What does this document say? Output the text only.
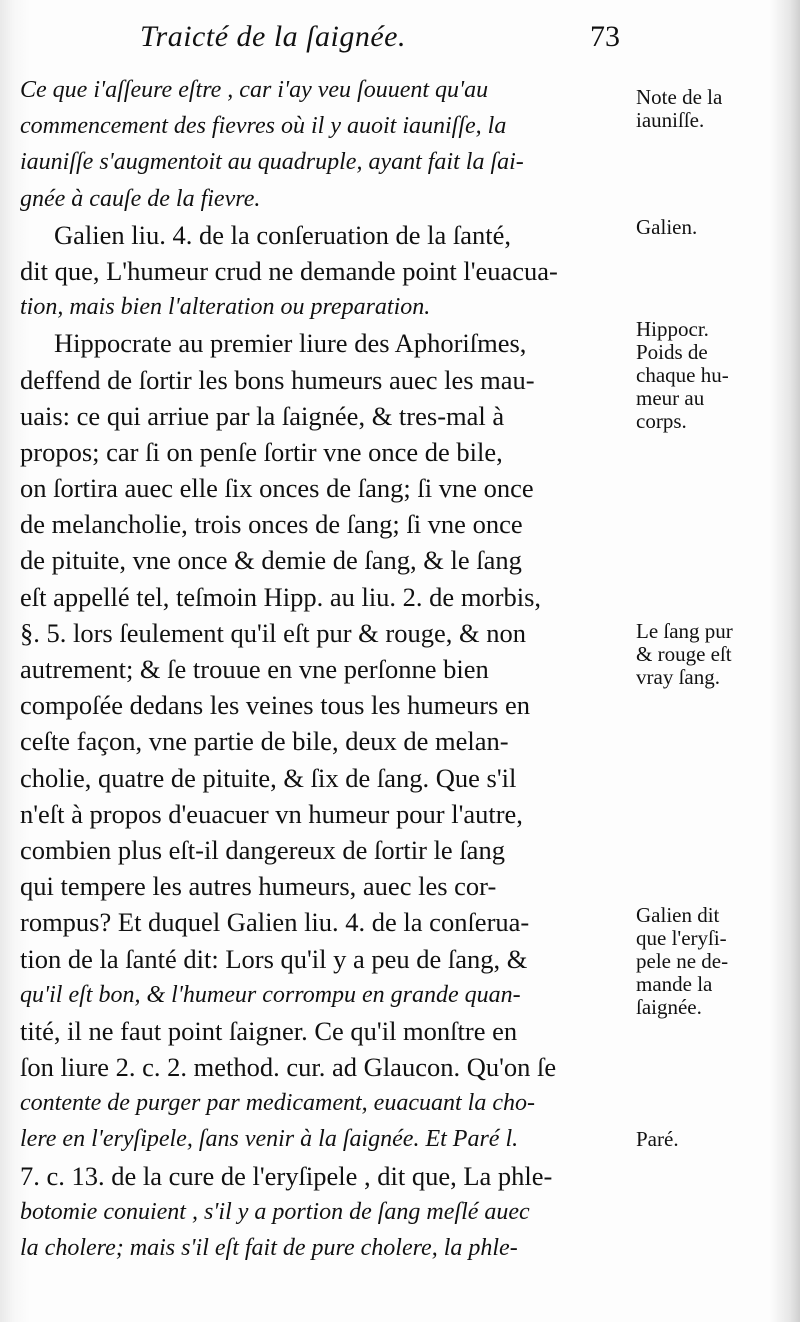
Traicté de la ſaignée.	73
Ce que i'aſſeure eſtre , car i'ay veu ſouuent qu'au
commencement des fievres où il y auoit iauniſſe, la
iauniſſe s'augmentoit au quadruple, ayant fait la ſai-
gnée à cauſe de la fievre.
Galien liu. 4. de la conſeruation de la ſanté,
dit que, L'humeur crud ne demande point l'euacua-
tion, mais bien l'alteration ou preparation.
Hippocrate au premier liure des Aphoriſmes,
deffend de ſortir les bons humeurs auec les mau-
uais: ce qui arriue par la ſaignée, & tres-mal à
propos; car ſi on penſe ſortir vne once de bile,
on ſortira auec elle ſix onces de ſang; ſi vne once
de melancholie, trois onces de ſang; ſi vne once
de pituite, vne once & demie de ſang, & le ſang
eſt appellé tel, teſmoin Hipp. au liu. 2. de morbis,
§. 5. lors ſeulement qu'il eſt pur & rouge, & non
autrement; & ſe trouue en vne perſonne bien
compoſée dedans les veines tous les humeurs en
ceſte façon, vne partie de bile, deux de melan-
cholie, quatre de pituite, & ſix de ſang. Que s'il
n'eſt à propos d'euacuer vn humeur pour l'autre,
combien plus eſt-il dangereux de ſortir le ſang
qui tempere les autres humeurs, auec les cor-
rompus? Et duquel Galien liu. 4. de la conſerua-
tion de la ſanté dit: Lors qu'il y a peu de ſang, &
qu'il eſt bon, & l'humeur corrompu en grande quan-
tité, il ne faut point ſaigner. Ce qu'il monſtre en
ſon liure 2. c. 2. method. cur. ad Glaucon. Qu'on ſe
contente de purger par medicament, euacuant la cho-
lere en l'eryſipele, ſans venir à la ſaignée. Et Paré l.
7. c. 13. de la cure de l'eryſipele , dit que, La phle-
botomie conuient , s'il y a portion de ſang meſlé auec
la cholere; mais s'il eſt fait de pure cholere, la phle-
Note de la
iauniſſe.
Galien.
Hippocr.
Poids de
chaque hu-
meur au
corps.
Le ſang pur
& rouge eſt
vray ſang.
Galien dit
que l'eryſi-
pele ne de-
mande la
ſaignée.
Paré.
